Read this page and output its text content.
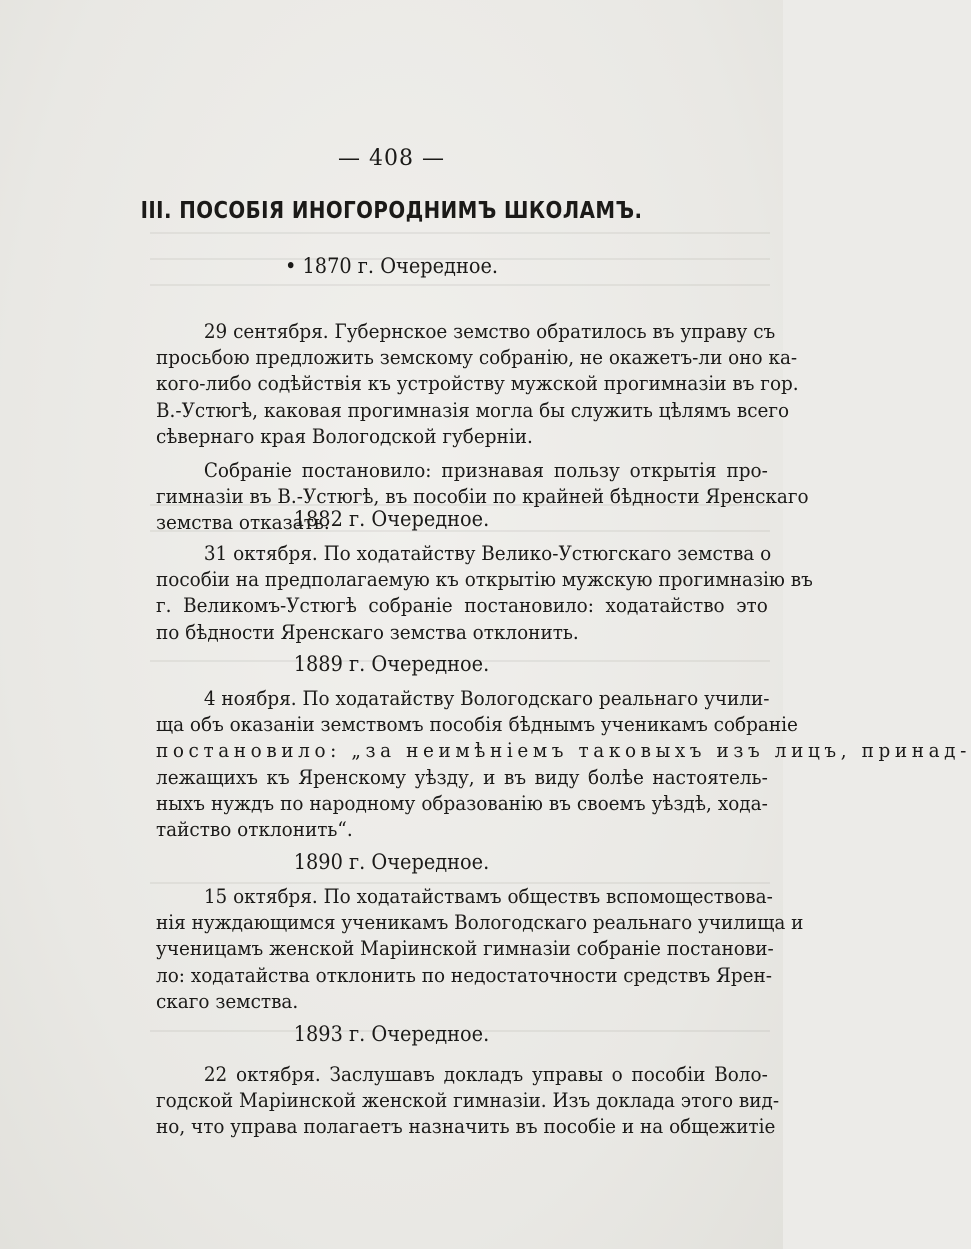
— 408 —
III. ПОСОБІЯ ИНОГОРОДНИМЪ ШКОЛАМЪ.
• 1870 г. Очередное.
29 сентября. Губернское земство обратилось въ управу съ
просьбою предложить земскому собранію, не окажетъ-ли оно ка-
кого-либо содѣйствія къ устройству мужской прогимназіи въ гор.
В.-Устюгѣ, каковая прогимназія могла бы служить цѣлямъ всего
сѣвернаго края Вологодской губерніи.
Собраніе постановило: признавая пользу открытія про-
гимназіи въ В.-Устюгѣ, въ пособіи по крайней бѣдности Яренскаго
земства отказать.
1882 г. Очередное.
31 октября. По ходатайству Велико-Устюгскаго земства о
пособіи на предполагаемую къ открытію мужскую прогимназію въ
г. Великомъ-Устюгѣ собраніе постановило: ходатайство это
по бѣдности Яренскаго земства отклонить.
1889 г. Очередное.
4 ноября. По ходатайству Вологодскаго реальнаго учили-
ща объ оказаніи земствомъ пособія бѣднымъ ученикамъ собраніе
постановило: „за неимѣніемъ таковыхъ изъ лицъ, принад-
лежащихъ къ Яренскому уѣзду, и въ виду болѣе настоятель-
ныхъ нуждъ по народному образованію въ своемъ уѣздѣ, хода-
тайство отклонить“.
1890 г. Очередное.
15 октября. По ходатайствамъ обществъ вспомоществова-
нія нуждающимся ученикамъ Вологодскаго реальнаго училища и
ученицамъ женской Маріинской гимназіи собраніе постанови-
ло: ходатайства отклонить по недостаточности средствъ Ярен-
скаго земства.
1893 г. Очередное.
22 октября. Заслушавъ докладъ управы о пособіи Воло-
годской Маріинской женской гимназіи. Изъ доклада этого вид-
но, что управа полагаетъ назначить въ пособіе и на общежитіе
